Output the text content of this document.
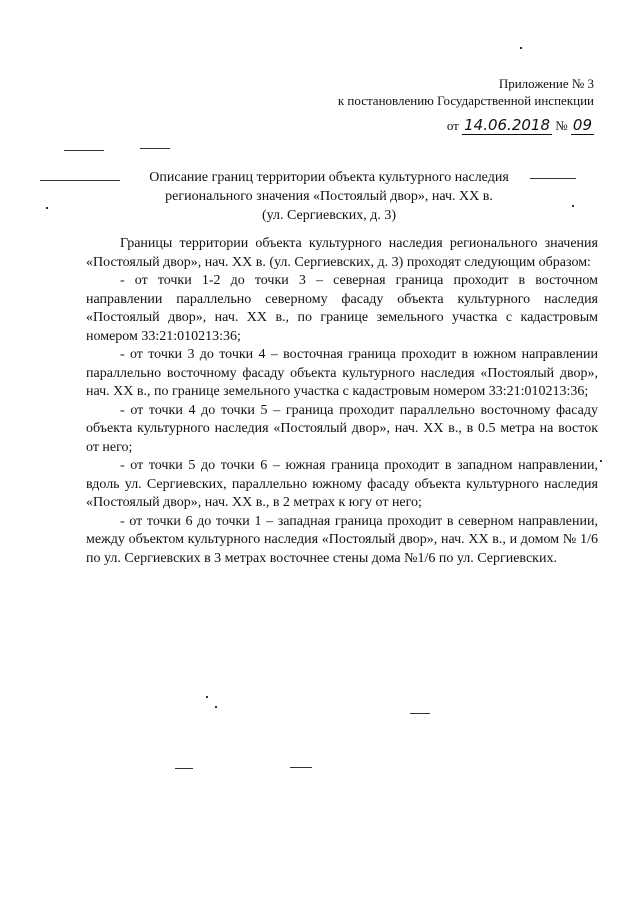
Приложение № 3
к постановлению Государственной инспекции
от 14.06.2018 № 09
Описание границ территории объекта культурного наследия
регионального значения «Постоялый двор», нач. XX в.
(ул. Сергиевских, д. 3)

Границы территории объекта культурного наследия регионального значения «Постоялый двор», нач. XX в. (ул. Сергиевских, д. 3) проходят следующим образом:

- от точки 1-2 до точки 3 – северная граница проходит в восточном направлении параллельно северному фасаду объекта культурного наследия «Постоялый двор», нач. XX в., по границе земельного участка с кадастровым номером 33:21:010213:36;

- от точки 3 до точки 4 – восточная граница проходит в южном направлении параллельно восточному фасаду объекта культурного наследия «Постоялый двор», нач. XX в., по границе земельного участка с кадастровым номером 33:21:010213:36;

- от точки 4 до точки 5 – граница проходит параллельно восточному фасаду объекта культурного наследия «Постоялый двор», нач. XX в., в 0.5 метра на восток от него;

- от точки 5 до точки 6 – южная граница проходит в западном направлении, вдоль ул. Сергиевских, параллельно южному фасаду объекта культурного наследия «Постоялый двор», нач. XX в., в 2 метрах к югу от него;

- от точки 6 до точки 1 – западная граница проходит в северном направлении, между объектом культурного наследия «Постоялый двор», нач. XX в., и домом № 1/6 по ул. Сергиевских в 3 метрах восточнее стены дома №1/6 по ул. Сергиевских.
